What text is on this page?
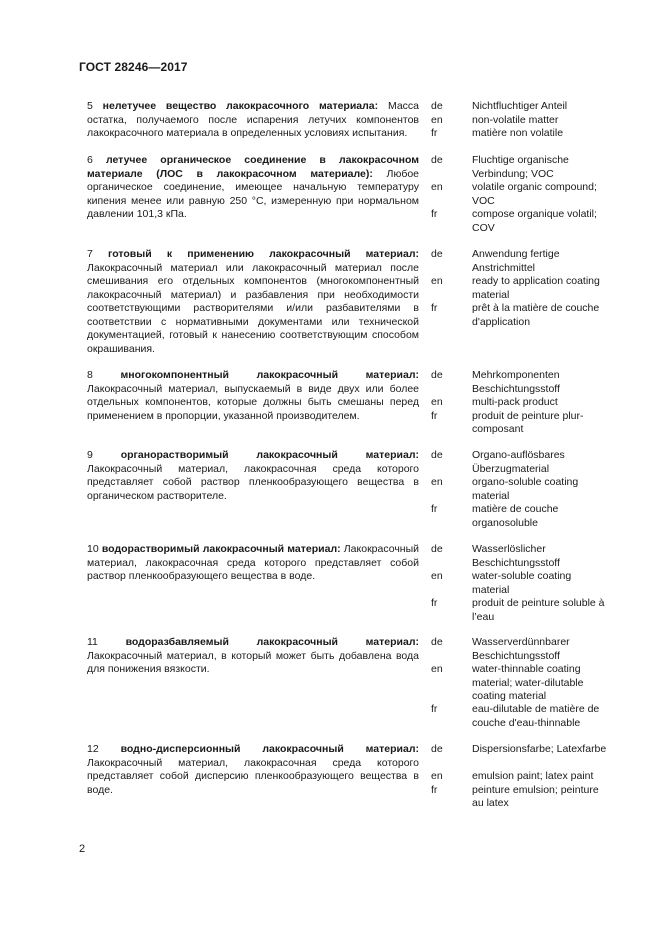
ГОСТ 28246—2017
5 нелетучее вещество лакокрасочного материала: Масса остатка, получаемого после испарения летучих компонентов лакокрасочного материала в определенных условиях испытания.
de	Nichtfluchtiger Anteil
en	non-volatile matter
fr	matière non volatile
6 летучее органическое соединение в лакокрасочном материале (ЛОС в лакокрасочном материале): Любое органическое соединение, имеющее начальную температуру кипения менее или равную 250 °C, измеренную при нормальном давлении 101,3 кПа.
de	Fluchtige organische Verbindung; VOC
en	volatile organic compound; VOC
fr	compose organique volatil; COV
7 готовый к применению лакокрасочный материал: Лакокрасочный материал или лакокрасочный материал после смешивания его отдельных компонентов (многокомпонентный лакокрасочный материал) и разбавления при необходимости соответствующими растворителями и/или разбавителями в соответствии с нормативными документами или технической документацией, готовый к нанесению соответствующим способом окрашивания.
de	Anwendung fertige Anstrichmittel
en	ready to application coating material
fr	prêt à la matière de couche d'application
8	многокомпонентный лакокрасочный материал: Лакокрасочный материал, выпускаемый в виде двух или более отдельных компонентов, которые должны быть смешаны перед применением в пропорции, указанной производителем.
de	Mehrkomponenten Beschichtungsstoff
en	multi-pack product
fr	produit de peinture plur-composant
9	органорастворимый лакокрасочный материал: Лакокрасочный материал, лакокрасочная среда которого представляет собой раствор пленкообразующего вещества в органическом растворителе.
de	Organo-auflösbares Überzugmaterial
en	organo-soluble coating material
fr	matière de couche organosoluble
10 водорастворимый лакокрасочный материал: Лакокрасочный материал, лакокрасочная среда которого представляет собой раствор пленкообразующего вещества в воде.
de	Wasserlöslicher Beschichtungsstoff
en	water-soluble coating material
fr	produit de peinture soluble à l’eau
11	водоразбавляемый лакокрасочный материал: Лакокрасочный материал, в который может быть добавлена вода для понижения вязкости.
de	Wasserverdünnbarer Beschichtungsstoff
en	water-thinnable coating material; water-dilutable coating material
fr	eau-dilutable de matière de couche d'eau-thinnable
12 водно-дисперсионный лакокрасочный материал: Лакокрасочный материал, лакокрасочная среда которого представляет собой дисперсию пленкообразующего вещества в воде.
de	Dispersionsfarbe; Latexfarbe
en	emulsion paint; latex paint
fr	peinture emulsion; peinture au latex
2
